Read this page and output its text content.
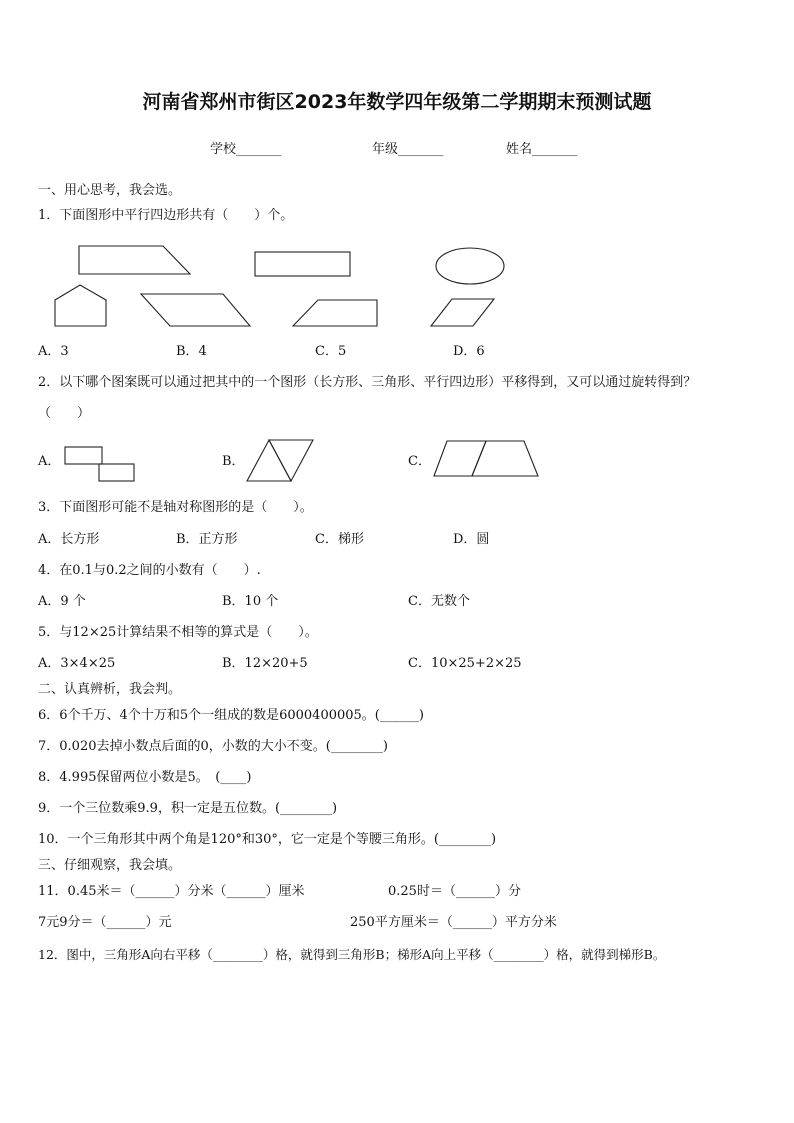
河南省郑州市街区2023年数学四年级第二学期期末预测试题
学校_______	年级_______	姓名_______
一、用心思考，我会选。
1．下面图形中平行四边形共有（　　）个。
A．3	B．4	C．5	D．6
2．以下哪个图案既可以通过把其中的一个图形（长方形、三角形、平行四边形）平移得到，又可以通过旋转得到？
（　　）
A．	B．	C．
3．下面图形可能不是轴对称图形的是（　　）。
A．长方形	B．正方形	C．梯形	D．圆
4．在0.1与0.2之间的小数有（　　）.
A．9 个	B．10 个	C．无数个
5．与12×25计算结果不相等的算式是（　　）。
A．3×4×25	B．12×20+5	C．10×25+2×25
二、认真辨析，我会判。
6．6个千万、4个十万和5个一组成的数是6000400005。(______)
7．0.020去掉小数点后面的0，小数的大小不变。(________)
8．4.995保留两位小数是5。　(____)
9．一个三位数乘9.9，积一定是五位数。(________)
10．一个三角形其中两个角是120°和30°，它一定是个等腰三角形。(________)
三、仔细观察，我会填。
11．0.45米＝（______）分米（______）厘米	0.25时＝（______）分
7元9分＝（______）元	250平方厘米＝（______）平方分米
12．图中，三角形A向右平移（________）格，就得到三角形B；梯形A向上平移（________）格，就得到梯形B。
